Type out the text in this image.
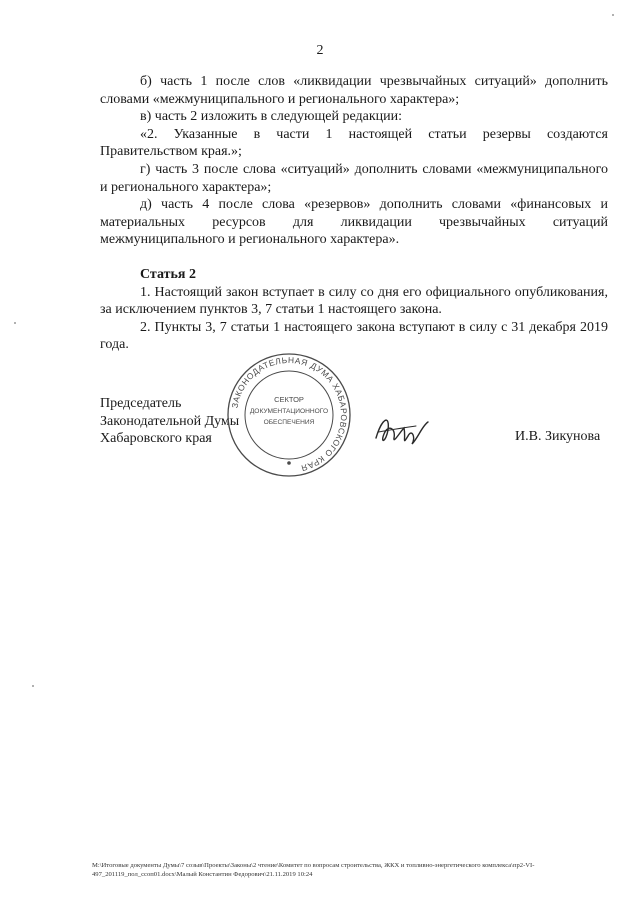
2

б) часть 1 после слов «ликвидации чрезвычайных ситуаций» дополнить словами «межмуниципального и регионального характера»;

в) часть 2 изложить в следующей редакции:

«2. Указанные в части 1 настоящей статьи резервы создаются Правительством края.»;

г) часть 3 после слова «ситуаций» дополнить словами «межмуниципального и регионального характера»;

д) часть 4 после слова «резервов» дополнить словами «финансовых и материальных ресурсов для ликвидации чрезвычайных ситуаций межмуниципального и регионального характера».

Статья 2

1. Настоящий закон вступает в силу со дня его официального опубликования, за исключением пунктов 3, 7 статьи 1 настоящего закона.

2. Пункты 3, 7 статьи 1 настоящего закона вступают в силу с 31 декабря 2019 года.

Председатель
Законодательной Думы
Хабаровского края
ЗАКОНОДАТЕЛЬНАЯ ДУМА ХАБАРОВСКОГО КРАЯ
СЕКТОР
ДОКУМЕНТАЦИОННОГО
ОБЕСПЕЧЕНИЯ
И.В. Зикунова
M:\Итоговые документы Думы\7 созыв\Проекты\Законы\2 чтение\Комитет по вопросам строительства, ЖКХ и топливно-энергетического комплекса\пр2-VI-497_201119_пол_ссоп01.docx\Малый Константин Федорович\21.11.2019 10:24
